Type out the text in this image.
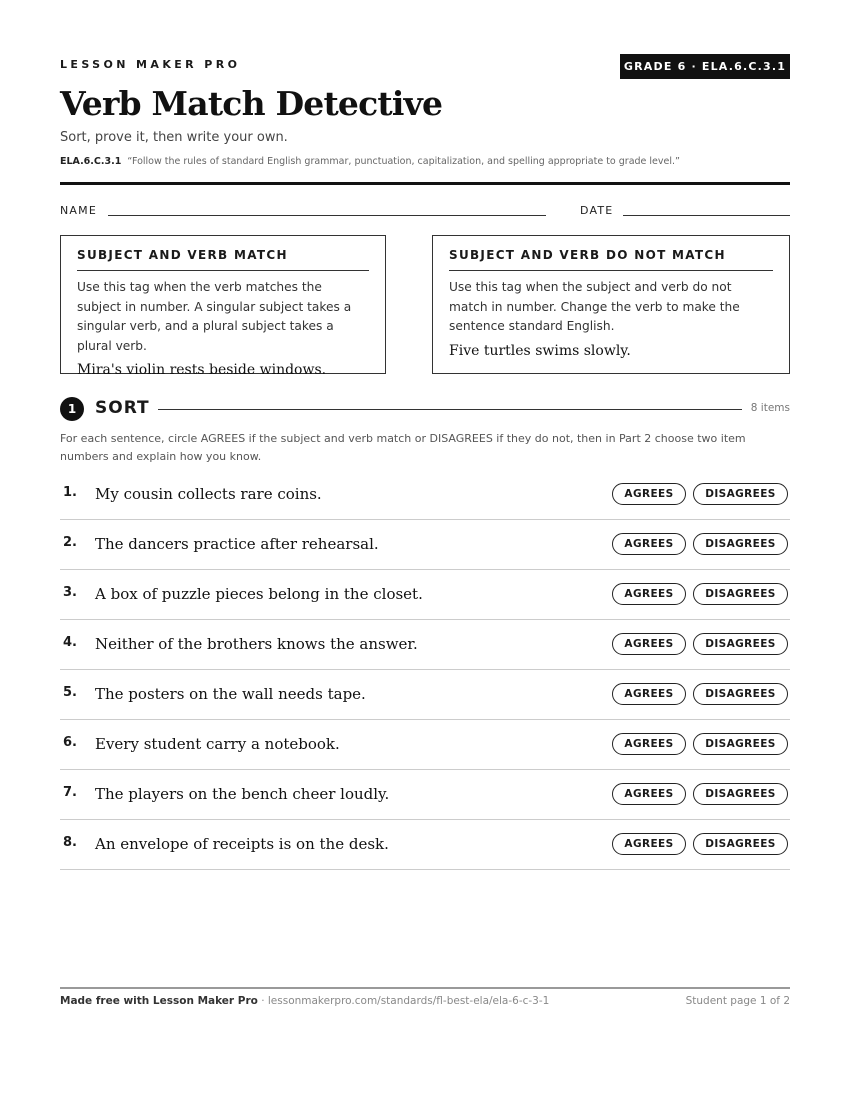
LESSON MAKER PRO	GRADE 6 · ELA.6.C.3.1
Verb Match Detective
Sort, prove it, then write your own.
ELA.6.C.3.1 “Follow the rules of standard English grammar, punctuation, capitalization, and spelling appropriate to grade level.”
NAME	DATE
SUBJECT AND VERB MATCH
Use this tag when the verb matches the subject in number. A singular subject takes a singular verb, and a plural subject takes a plural verb.
Mira's violin rests beside windows.
SUBJECT AND VERB DO NOT MATCH
Use this tag when the subject and verb do not match in number. Change the verb to make the sentence standard English.
Five turtles swims slowly.
1	SORT	8 items
For each sentence, circle AGREES if the subject and verb match or DISAGREES if they do not, then in Part 2 choose two item numbers and explain how you know.
1. My cousin collects rare coins.	AGREES	DISAGREES
2. The dancers practice after rehearsal.	AGREES	DISAGREES
3. A box of puzzle pieces belong in the closet.	AGREES	DISAGREES
4. Neither of the brothers knows the answer.	AGREES	DISAGREES
5. The posters on the wall needs tape.	AGREES	DISAGREES
6. Every student carry a notebook.	AGREES	DISAGREES
7. The players on the bench cheer loudly.	AGREES	DISAGREES
8. An envelope of receipts is on the desk.	AGREES	DISAGREES
Made free with Lesson Maker Pro · lessonmakerpro.com/standards/fl-best-ela/ela-6-c-3-1	Student page 1 of 2
